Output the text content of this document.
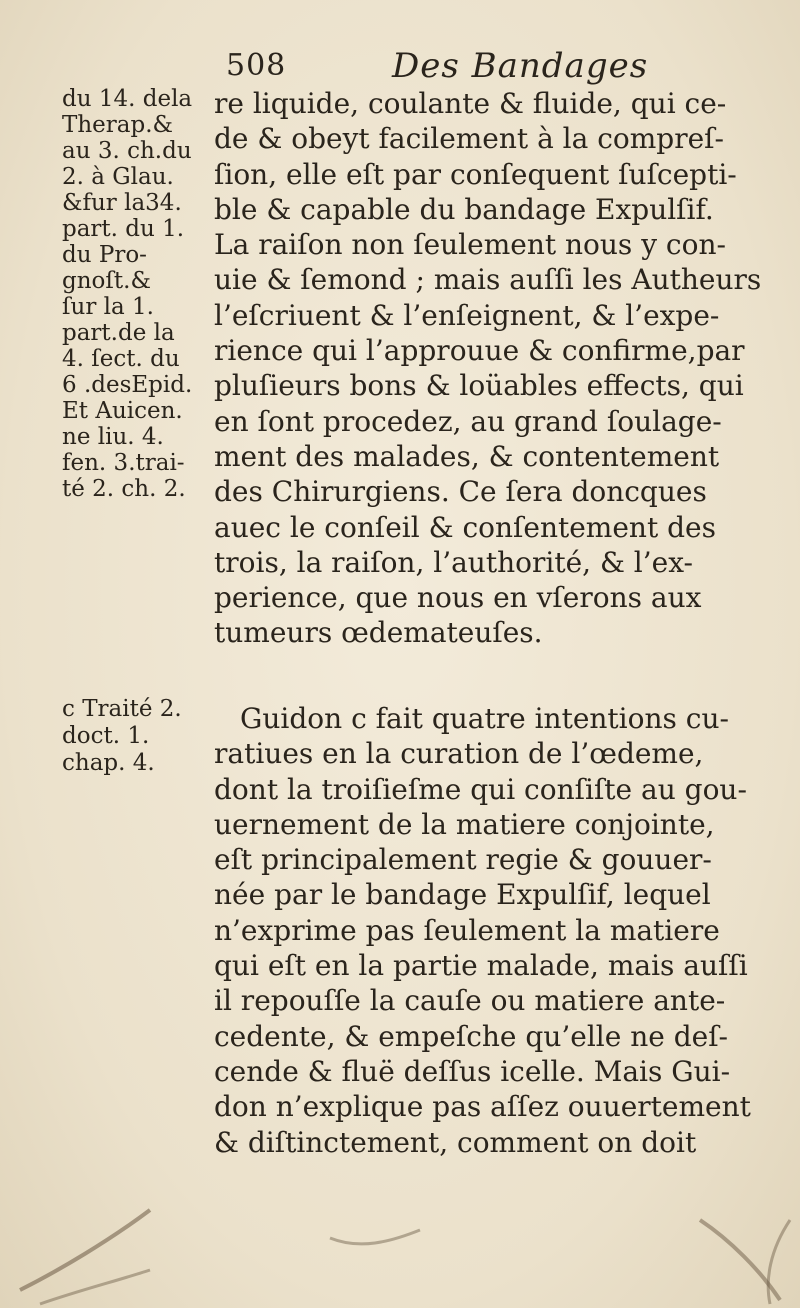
508	Des Bandages
du 14. dela
Therap.&
au 3. ch.du
2. à Glau.
&fur la34.
part. du 1.
du Pro-
gnoſt.&
ſur la 1.
part.de la
4. ſect. du
6 .desEpid.
Et Auicen.
ne liu. 4.
fen. 3.trai-
té 2. ch. 2.
c Traité 2.
doct. 1.
chap. 4.
re liquide, coulante & fluide, qui ce-
de & obeyt facilement à la compreſ-
ſion, elle eſt par conſequent ſuſcepti-
ble & capable du bandage Expulſif.
La raiſon non ſeulement nous y con-
uie & ſemond ; mais auſſi les Autheurs
l’eſcriuent & l’enſeignent, & l’expe-
rience qui l’approuue & confirme,par
pluſieurs bons & loüables effects, qui
en ſont procedez, au grand ſoulage-
ment des malades, & contentement
des Chirurgiens. Ce ſera doncques
auec le conſeil & conſentement des
trois, la raiſon, l’authorité, & l’ex-
perience, que nous en vſerons aux
tumeurs œdemateuſes.
Guidon c fait quatre intentions cu-
ratiues en la curation de l’œdeme,
dont la troiſieſme qui conſiſte au gou-
uernement de la matiere conjointe,
eſt principalement regie & gouuer-
née par le bandage Expulſif, lequel
n’exprime pas ſeulement la matiere
qui eſt en la partie malade, mais auſſi
il repouſſe la cauſe ou matiere ante-
cedente, & empeſche qu’elle ne deſ-
cende & fluë deſſus icelle. Mais Gui-
don n’explique pas aſſez ouuertement
& diſtinctement, comment on doit
